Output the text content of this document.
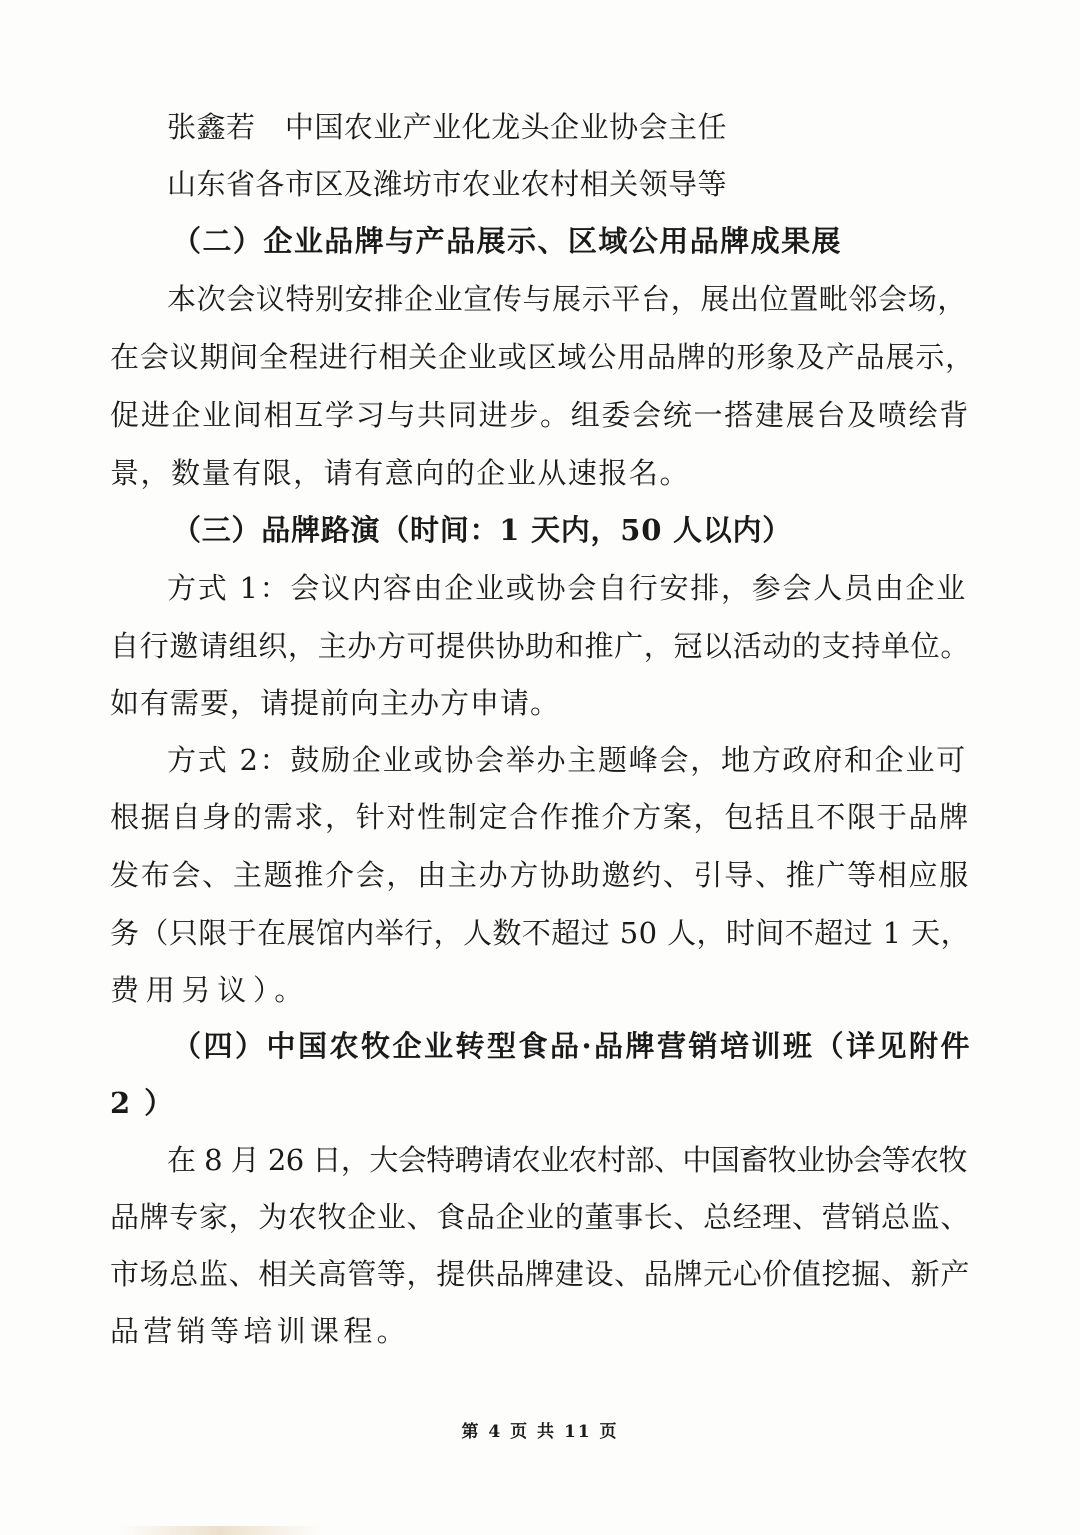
张鑫若　中国农业产业化龙头企业协会主任
山东省各市区及潍坊市农业农村相关领导等
（二）企业品牌与产品展示、区域公用品牌成果展
本次会议特别安排企业宣传与展示平台，展出位置毗邻会场，
在会议期间全程进行相关企业或区域公用品牌的形象及产品展示，
促进企业间相互学习与共同进步。组委会统一搭建展台及喷绘背
景，数量有限，请有意向的企业从速报名。
（三）品牌路演（时间：1 天内，50 人以内）
方式 1：会议内容由企业或协会自行安排，参会人员由企业
自行邀请组织，主办方可提供协助和推广，冠以活动的支持单位。
如有需要，请提前向主办方申请。
方式 2：鼓励企业或协会举办主题峰会，地方政府和企业可
根据自身的需求，针对性制定合作推介方案，包括且不限于品牌
发布会、主题推介会，由主办方协助邀约、引导、推广等相应服
务（只限于在展馆内举行，人数不超过 50 人，时间不超过 1 天，
费用另议）。
（四）中国农牧企业转型食品·品牌营销培训班（详见附件
2）
在 8 月 26 日，大会特聘请农业农村部、中国畜牧业协会等农牧
品牌专家，为农牧企业、食品企业的董事长、总经理、营销总监、
市场总监、相关高管等，提供品牌建设、品牌元心价值挖掘、新产
品营销等培训课程。
第 4 页 共 11 页
